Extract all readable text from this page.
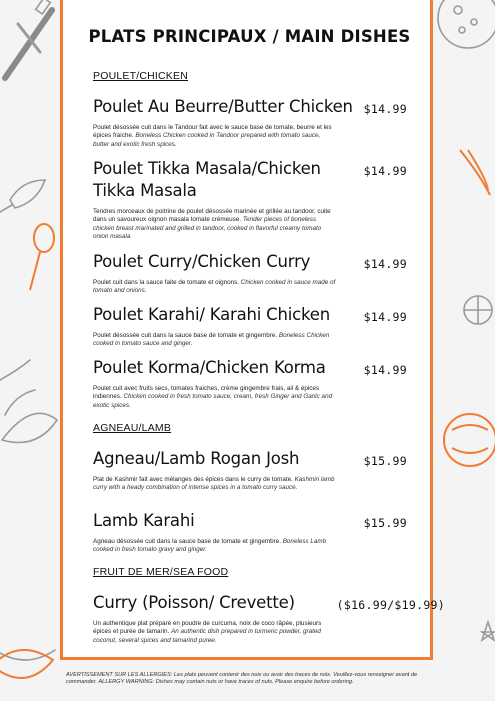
PLATS PRINCIPAUX / MAIN DISHES
POULET/CHICKEN
Poulet Au Beurre/Butter Chicken $14.99
Poulet désossée cuit dans le Tandour fait avec le sauce base de tomate, beurre et les épices fraiche. Boneless Chicken cooked in Tandoor prepared with tomato sauce, butter and exotic fresh spices.
Poulet Tikka Masala/Chicken Tikka Masala
$14.99
Tendres morceaux de poitrine de poulet désossée marinée et grillée au tandoor, cuite dans un savoureux oignon masala tomate crémeuse. Tender pieces of boneless chicken breast marinated and grilled in tandoor, cooked in flavorful creamy tomato onion masala
Poulet Curry/Chicken Curry	$14.99
Poulet cuit dans la sauce faite de tomate et oignons. Chicken cooked in sauce made of tomato and onions.
Poulet Karahi/ Karahi Chicken	$14.99
Poulet désossée cuit dans la sauce base de tomate et gingembre. Boneless Chicken cooked in tomato sauce and ginger.
Poulet Korma/Chicken Korma	$14.99
Poulet cuit avec fruits secs, tomates fraiches, crème gingembre frais, ail & épices indiennes. Chicken cooked in fresh tomato sauce, cream, fresh Ginger and Garlic and exotic spices.
AGNEAU/LAMB
Agneau/Lamb Rogan Josh	$15.99
Plat de Kashmir fait avec mélanges des épices dans le curry de tomate. Kashmiri lamb curry with a heady combination of intense spices in a tomato curry sauce.
Lamb Karahi	$15.99
Agneau désossée cuit dans la sauce base de tomate et gingembre. Boneless Lamb cooked in fresh tomato gravy and ginger.
FRUIT DE MER/SEA FOOD
Curry (Poisson/ Crevette)	($16.99/$19.99)
Un authentique plat préparé en poudre de curcuma, noix de coco râpée, plusieurs épices et purée de tamarin. An authentic dish prepared in turmeric powder, grated coconut, several spices and tamarind puree.
AVERTISSEMENT SUR LES ALLERGIES: Les plats peuvent contenir des noix ou avoir des traces de noix. Veuillez-vous renseigner avant de commander. ALLERGY WARNING: Dishes may contain nuts or have traces of nuts. Please enquire before ordering.
